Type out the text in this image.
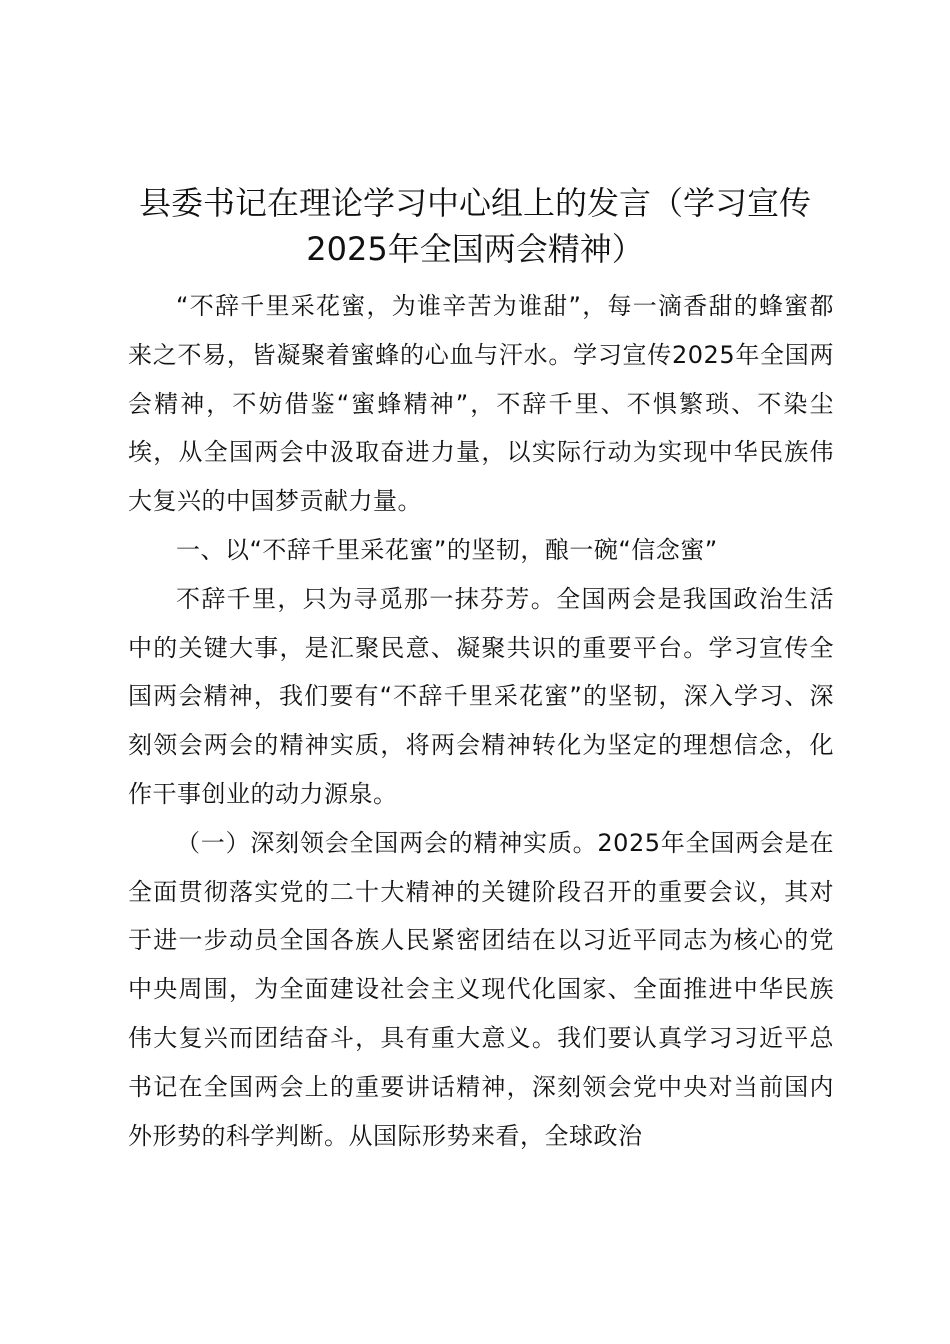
县委书记在理论学习中心组上的发言（学习宣传2025年全国两会精神）

“不辞千里采花蜜，为谁辛苦为谁甜”，每一滴香甜的蜂蜜都来之不易，皆凝聚着蜜蜂的心血与汗水。学习宣传2025年全国两会精神，不妨借鉴“蜜蜂精神”，不辞千里、不惧繁琐、不染尘埃，从全国两会中汲取奋进力量，以实际行动为实现中华民族伟大复兴的中国梦贡献力量。

一、以“不辞千里采花蜜”的坚韧，酿一碗“信念蜜”

不辞千里，只为寻觅那一抹芬芳。全国两会是我国政治生活中的关键大事，是汇聚民意、凝聚共识的重要平台。学习宣传全国两会精神，我们要有“不辞千里采花蜜”的坚韧，深入学习、深刻领会两会的精神实质，将两会精神转化为坚定的理想信念，化作干事创业的动力源泉。

（一）深刻领会全国两会的精神实质。2025年全国两会是在全面贯彻落实党的二十大精神的关键阶段召开的重要会议，其对于进一步动员全国各族人民紧密团结在以习近平同志为核心的党中央周围，为全面建设社会主义现代化国家、全面推进中华民族伟大复兴而团结奋斗，具有重大意义。我们要认真学习习近平总书记在全国两会上的重要讲话精神，深刻领会党中央对当前国内外形势的科学判断。从国际形势来看，全球政治
